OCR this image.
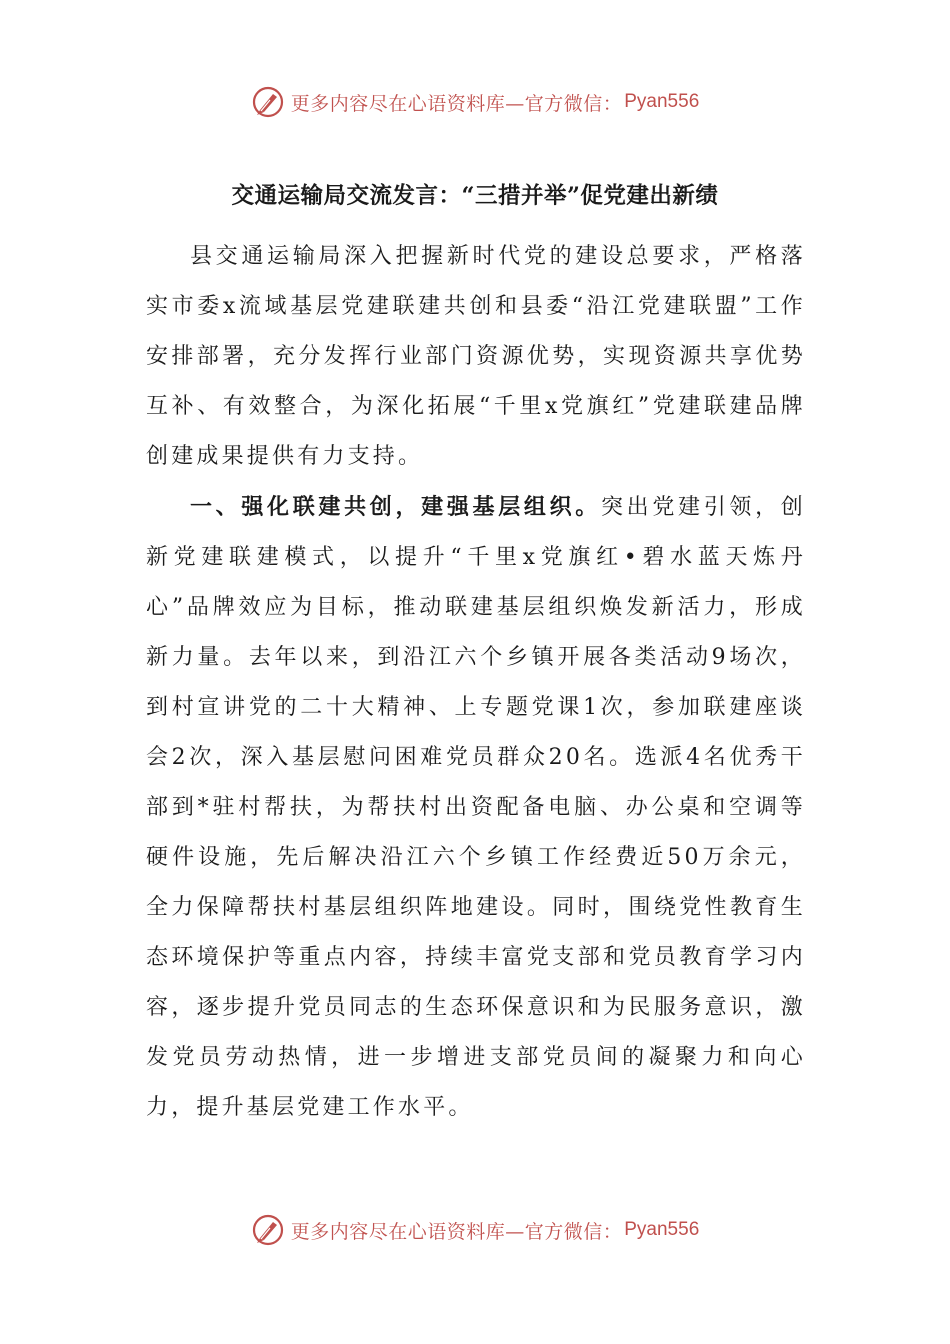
更多内容尽在心语资料库—官方微信： Pyan556
交通运输局交流发言：“三措并举”促党建出新绩

县交通运输局深入把握新时代党的建设总要求，严格落实市委x流域基层党建联建共创和县委“沿江党建联盟”工作安排部署，充分发挥行业部门资源优势，实现资源共享优势互补、有效整合，为深化拓展“千里x党旗红”党建联建品牌创建成果提供有力支持。

一、强化联建共创，建强基层组织。突出党建引领，创新党建联建模式，以提升“千里x党旗红•碧水蓝天炼丹心”品牌效应为目标，推动联建基层组织焕发新活力，形成新力量。去年以来，到沿江六个乡镇开展各类活动9场次，到村宣讲党的二十大精神、上专题党课1次，参加联建座谈会2次，深入基层慰问困难党员群众20名。选派4名优秀干部到*驻村帮扶，为帮扶村出资配备电脑、办公桌和空调等硬件设施，先后解决沿江六个乡镇工作经费近50万余元，全力保障帮扶村基层组织阵地建设。同时，围绕党性教育生态环境保护等重点内容，持续丰富党支部和党员教育学习内容，逐步提升党员同志的生态环保意识和为民服务意识，激发党员劳动热情，进一步增进支部党员间的凝聚力和向心力，提升基层党建工作水平。

更多内容尽在心语资料库—官方微信： Pyan556
